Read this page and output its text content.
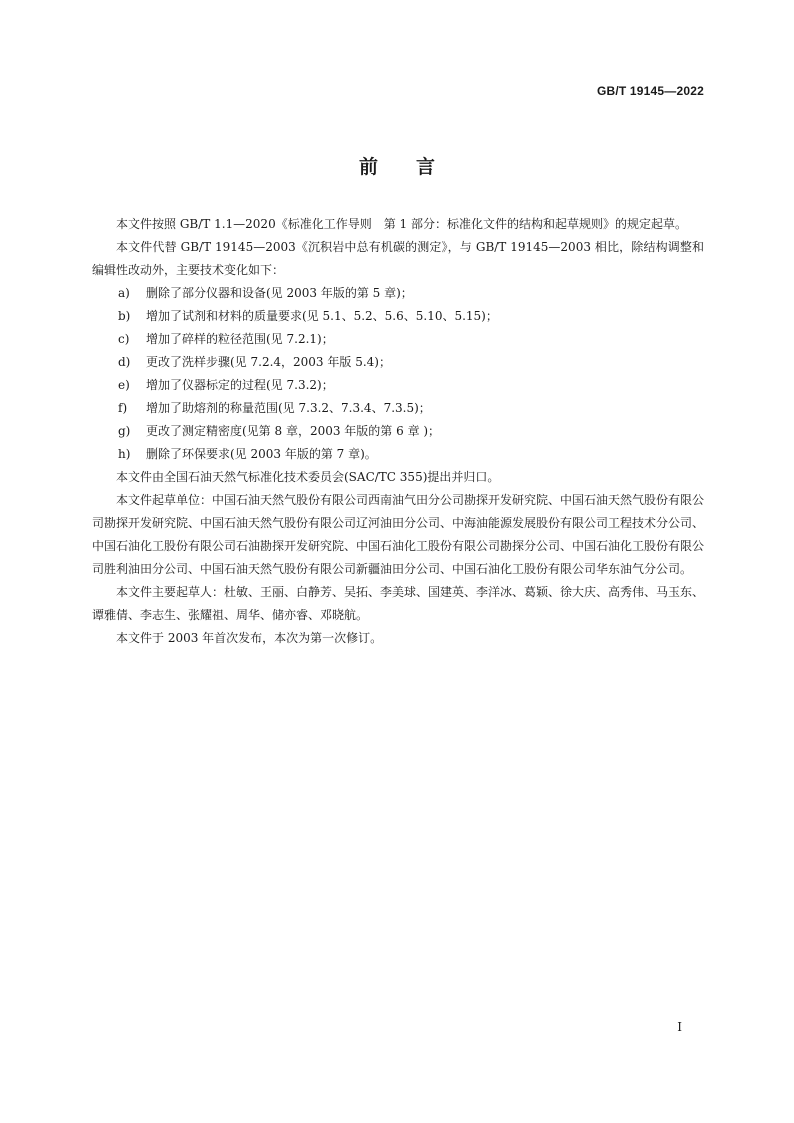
GB/T 19145—2022
前言

本文件按照 GB/T 1.1—2020《标准化工作导则　第 1 部分：标准化文件的结构和起草规则》的规定起草。

本文件代替 GB/T 19145—2003《沉积岩中总有机碳的测定》，与 GB/T 19145—2003 相比，除结构调整和编辑性改动外，主要技术变化如下：

a) 删除了部分仪器和设备(见 2003 年版的第 5 章)；

b) 增加了试剂和材料的质量要求(见 5.1、5.2、5.6、5.10、5.15)；

c) 增加了碎样的粒径范围(见 7.2.1)；

d) 更改了洗样步骤(见 7.2.4，2003 年版 5.4)；

e) 增加了仪器标定的过程(见 7.3.2)；

f) 增加了助熔剂的称量范围(见 7.3.2、7.3.4、7.3.5)；

g) 更改了测定精密度(见第 8 章，2003 年版的第 6 章 )；

h) 删除了环保要求(见 2003 年版的第 7 章)。

本文件由全国石油天然气标准化技术委员会(SAC/TC 355)提出并归口。

本文件起草单位：中国石油天然气股份有限公司西南油气田分公司勘探开发研究院、中国石油天然气股份有限公司勘探开发研究院、中国石油天然气股份有限公司辽河油田分公司、中海油能源发展股份有限公司工程技术分公司、中国石油化工股份有限公司石油勘探开发研究院、中国石油化工股份有限公司勘探分公司、中国石油化工股份有限公司胜利油田分公司、中国石油天然气股份有限公司新疆油田分公司、中国石油化工股份有限公司华东油气分公司。

本文件主要起草人：杜敏、王丽、白静芳、吴拓、李美球、国建英、李洋冰、葛颖、徐大庆、高秀伟、马玉东、谭雅倩、李志生、张耀祖、周华、储亦睿、邓晓航。

本文件于 2003 年首次发布，本次为第一次修订。

I
